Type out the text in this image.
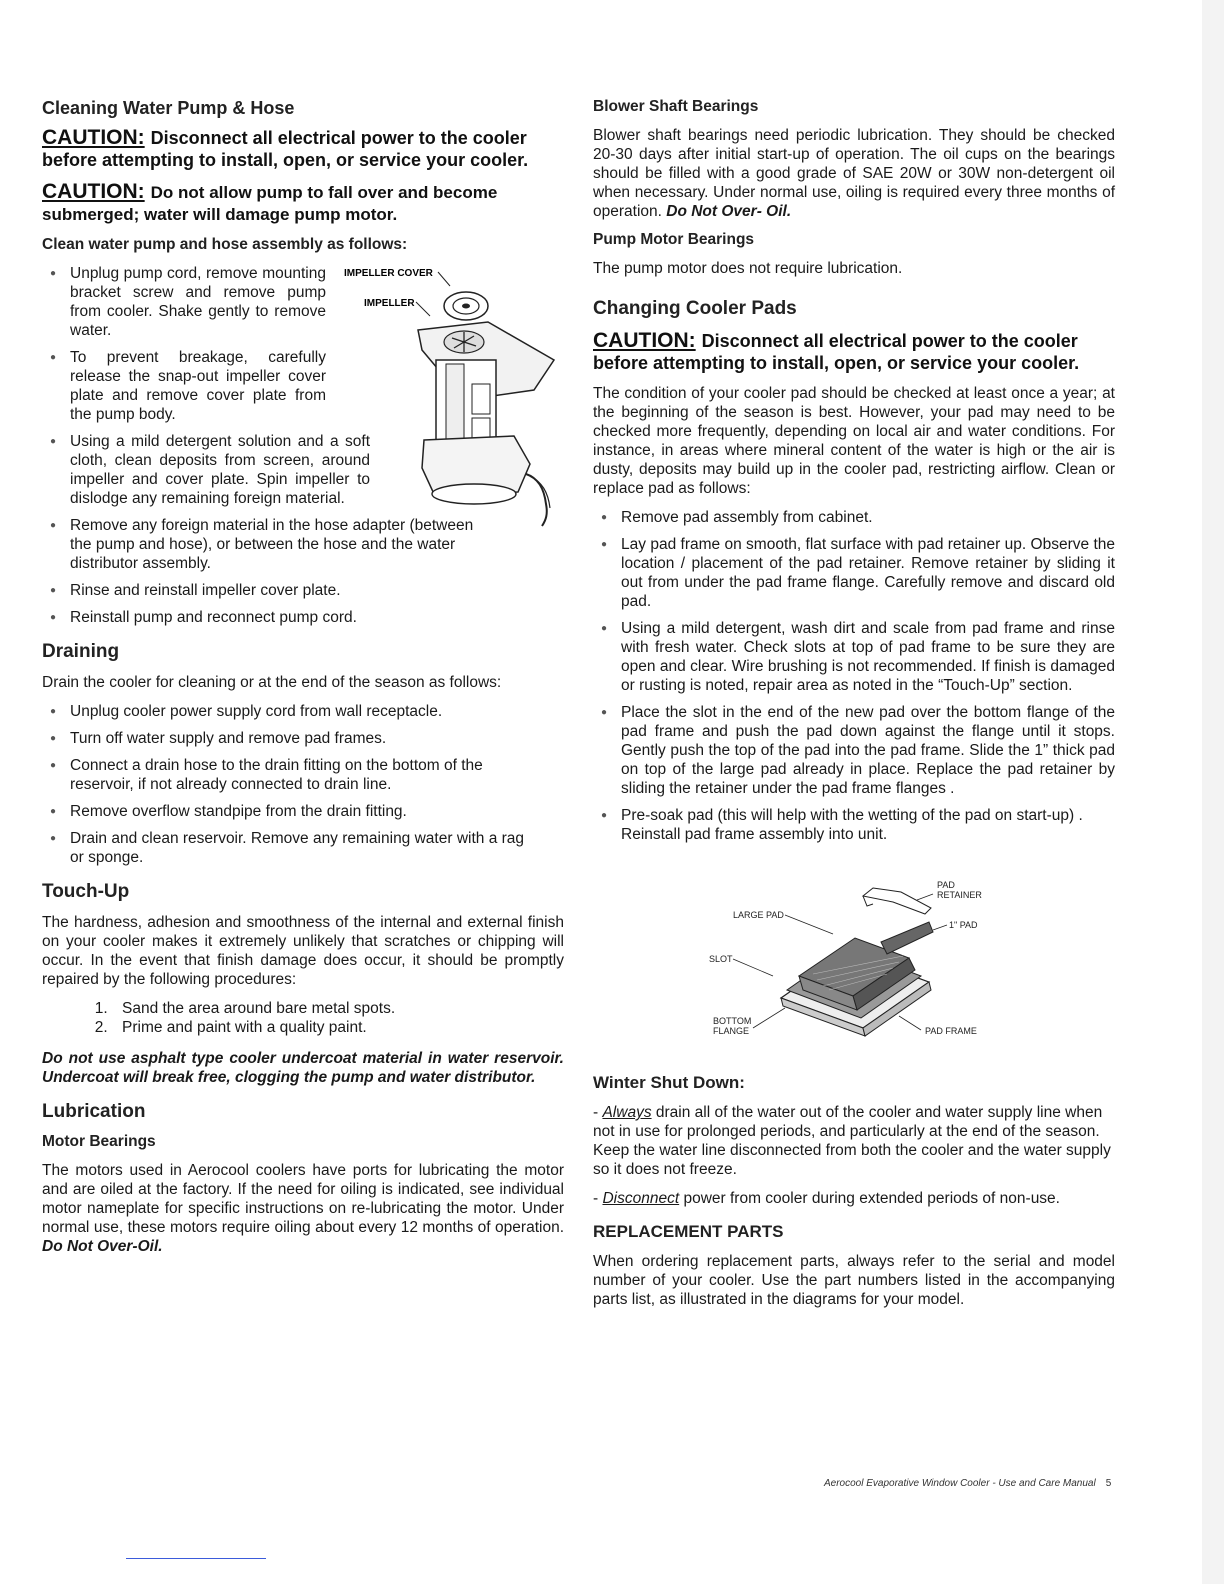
Cleaning Water Pump & Hose
CAUTION: Disconnect all electrical power to the cooler before attempting to install, open, or service your cooler.
CAUTION: Do not allow pump to fall over and become submerged; water will damage pump motor.
Clean water pump and hose assembly as follows:
● Unplug pump cord, remove mounting bracket screw and remove pump from cooler. Shake gently to remove water.
● To prevent breakage, carefully release the snap-out impeller cover plate and remove cover plate from the pump body.
● Using a mild detergent solution and a soft cloth, clean deposits from screen, around impeller and cover plate. Spin impeller to dislodge any remaining foreign material.
IMPELLER COVER
IMPELLER
● Remove any foreign material in the hose adapter (between the pump and hose), or between the hose and the water distributor assembly.
● Rinse and reinstall impeller cover plate.
● Reinstall pump and reconnect pump cord.
Draining

Drain the cooler for cleaning or at the end of the season as follows:

● Unplug cooler power supply cord from wall receptacle.
● Turn off water supply and remove pad frames.
● Connect a drain hose to the drain fitting on the bottom of the reservoir, if not already connected to drain line.
● Remove overflow standpipe from the drain fitting.
● Drain and clean reservoir. Remove any remaining water with a rag or sponge.
Touch-Up

The hardness, adhesion and smoothness of the internal and external finish on your cooler makes it extremely unlikely that scratches or chipping will occur. In the event that finish damage does occur, it should be promptly repaired by the following procedures:

1. Sand the area around bare metal spots.
2. Prime and paint with a quality paint.

Do not use asphalt type cooler undercoat material in water reservoir. Undercoat will break free, clogging the pump and water distributor.

Lubrication
Motor Bearings

The motors used in Aerocool coolers have ports for lubricating the motor and are oiled at the factory. If the need for oiling is indicated, see individual motor nameplate for specific instructions on re-lubricating the motor. Under normal use, these motors require oiling about every 12 months of operation. Do Not Over-Oil.

Blower Shaft Bearings

Blower shaft bearings need periodic lubrication. They should be checked 20-30 days after initial start-up of operation. The oil cups on the bearings should be filled with a good grade of SAE 20W or 30W non-detergent oil when necessary. Under normal use, oiling is required every three months of operation. Do Not Over- Oil.

Pump Motor Bearings

The pump motor does not require lubrication.

Changing Cooler Pads
CAUTION: Disconnect all electrical power to the cooler before attempting to install, open, or service your cooler.

The condition of your cooler pad should be checked at least once a year; at the beginning of the season is best. However, your pad may need to be checked more frequently, depending on local air and water conditions. For instance, in areas where mineral content of the water is high or the air is dusty, deposits may build up in the cooler pad, restricting airflow. Clean or replace pad as follows:

● Remove pad assembly from cabinet.
● Lay pad frame on smooth, flat surface with pad retainer up. Observe the location / placement of the pad retainer. Remove retainer by sliding it out from under the pad frame flange. Carefully remove and discard old pad.
● Using a mild detergent, wash dirt and scale from pad frame and rinse with fresh water. Check slots at top of pad frame to be sure they are open and clear. Wire brushing is not recommended. If finish is damaged or rusting is noted, repair area as noted in the “Touch-Up” section.
● Place the slot in the end of the new pad over the bottom flange of the pad frame and push the pad down against the flange until it stops. Gently push the top of the pad into the pad frame. Slide the 1” thick pad on top of the large pad already in place. Replace the pad retainer by sliding the retainer under the pad frame flanges .
● Pre-soak pad (this will help with the wetting of the pad on start-up) . Reinstall pad frame assembly into unit.
PAD
RETAINER
LARGE PAD
1" PAD
SLOT
BOTTOM
FLANGE	PAD FRAME
Winter Shut Down:

- Always drain all of the water out of the cooler and water supply line when not in use for prolonged periods, and particularly at the end of the season. Keep the water line disconnected from both the cooler and the water supply so it does not freeze.

- Disconnect power from cooler during extended periods of non-use.

REPLACEMENT PARTS

When ordering replacement parts, always refer to the serial and model number of your cooler. Use the part numbers listed in the accompanying parts list, as illustrated in the diagrams for your model.

Aerocool Evaporative Window Cooler - Use and Care Manual 5
